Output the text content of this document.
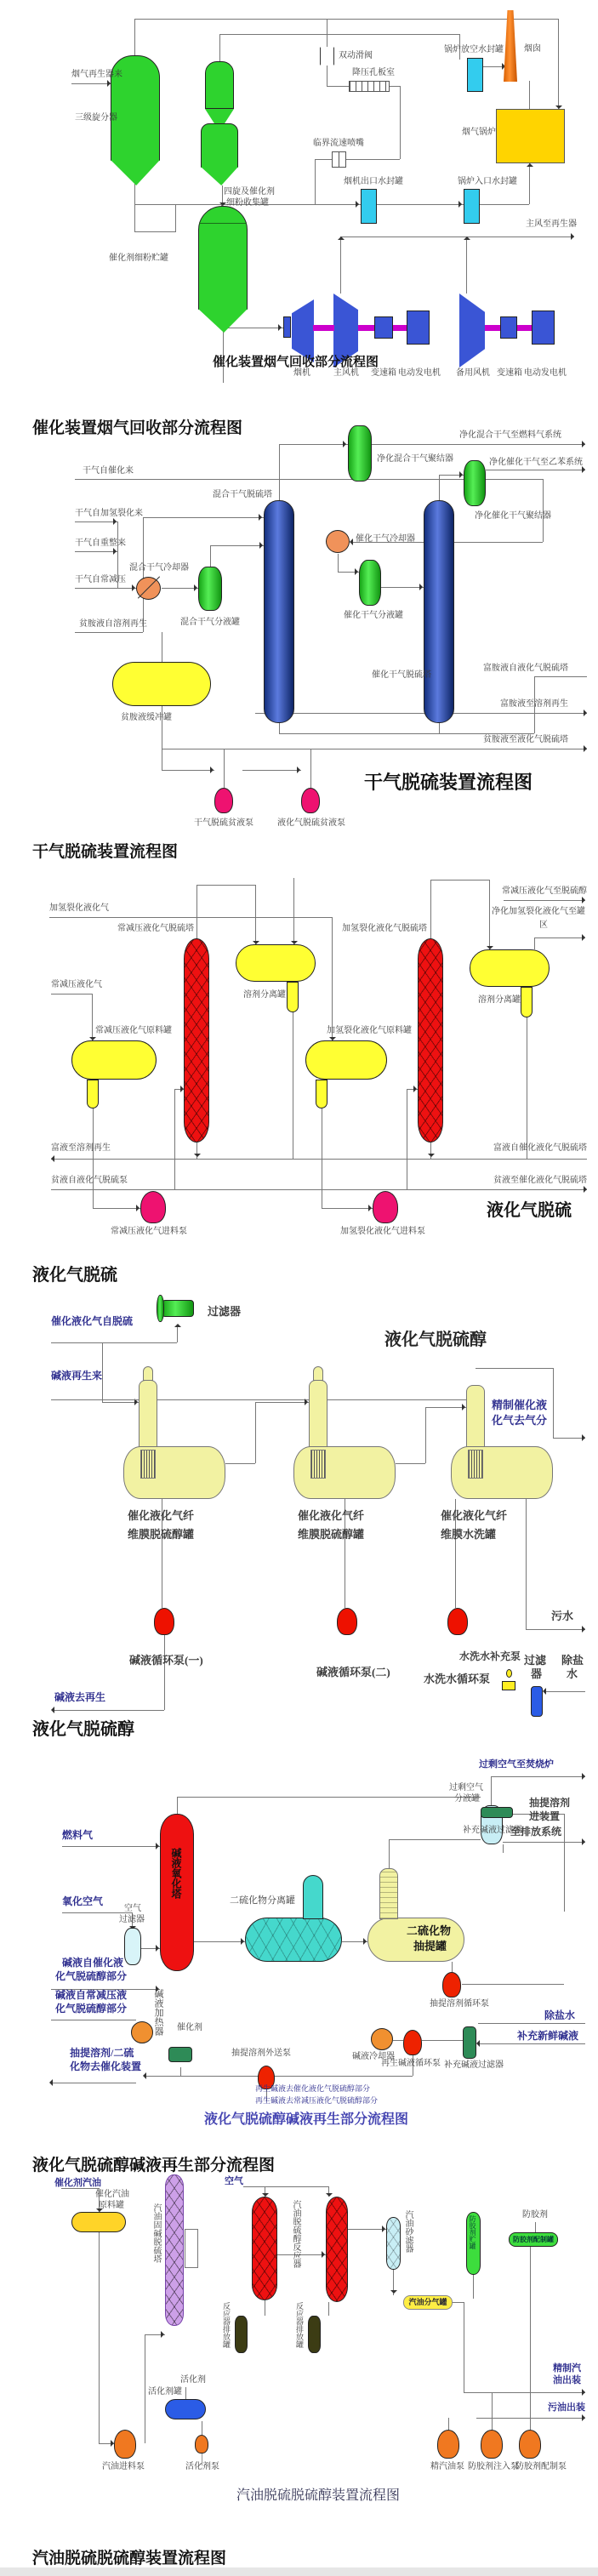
烟气再生器来
三级旋分器
四旋及催化剂
细粉收集罐
催化剂细粉贮罐
双动滑阀
降压孔板室
锅炉放空水封罐 烟囱
烟气锅炉
临界流速喷嘴
烟机出口水封罐	锅炉入口水封罐
主风至再生器
烟机	主风机 变速箱 电动发电机 备用风机 变速箱 电动发电机
催化装置烟气回收部分流程图
催化装置烟气回收部分流程图
干气自催化来
干气自加氢裂化来
干气自重整来
干气自常减压
混合干气冷却器
混合干气分液罐
贫胺液自溶剂再生
混合干气脱硫塔
净化混合干气聚结器
净化混合干气至燃料气系统
净化催化干气至乙苯系统
净化催化干气聚结器
催化干气冷却器
催化干气分液罐
催化干气脱硫塔
贫胺液缓冲罐
富胺液自液化气脱硫塔
富胺液至溶剂再生
贫胺液至液化气脱硫塔
干气脱硫贫液泵	液化气脱硫贫液泵
干气脱硫装置流程图
干气脱硫装置流程图
加氢裂化液化气
常减压液化气至脱硫醇
净化加氢裂化液化气至罐
区
常减压液化气脱硫塔
溶剂分离罐
常减压液化气
常减压液化气原料罐
加氢裂化液化气脱硫塔
加氢裂化液化气原料罐
溶剂分离罐
富液至溶剂再生
贫液自液化气脱硫泵
富液自催化液化气脱硫塔
贫液至催化液化气脱硫塔
常减压液化气进料泵	加氢裂化液化气进料泵
液化气脱硫
液化气脱硫
催化液化气自脱硫
过滤器
液化气脱硫醇
碱液再生来
精制催化液
化气去气分
催化液化气纤
维膜脱硫醇罐
催化液化气纤
维膜脱硫醇罐
催化液化气纤
维膜水洗罐
碱液循环泵(一)
碱液循环泵(二)
水洗水循环泵
污水
过滤
器
除盐
水
水洗水补充泵
碱液去再生
液化气脱硫醇
过剩空气至焚烧炉
过剩空气
分液罐
至排放系统
抽提溶剂
进装置
补充碱液过滤器
燃料气
碱液氧化塔
氧化空气
空气
过滤器
碱液自催化液
化气脱硫醇部分
碱液自常减压液
化气脱硫醇部分	碱液加热器 催化剂
二硫化物分离罐
二硫化物
抽提罐
抽提溶剂循环泵
除盐水
补充新鲜碱液
碱液冷却器
再生碱液循环泵 补充碱液过滤器
抽提溶剂外送泵
抽提溶剂/二硫
化物去催化装置
再生碱液去催化液化气脱硫醇部分
再生碱液去常减压液化气脱硫醇部分
液化气脱硫醇碱液再生部分流程图
液化气脱硫醇碱液再生部分流程图
催化剂汽油
催化汽油
原料罐	汽油固碱脱硫塔
空气
汽油脱硫醇反应器
反应器排放罐	反应器排放罐
汽油砂滤器
汽油分气罐
防胶剂贮罐
防胶剂
防胶剂配制罐
活化剂
活化剂罐
汽油进料泵	活化剂泵	精汽油泵 防胶剂注入泵
防胶剂配制泵
精制汽
油出装
污油出装
汽油脱硫脱硫醇装置流程图
汽油脱硫脱硫醇装置流程图
